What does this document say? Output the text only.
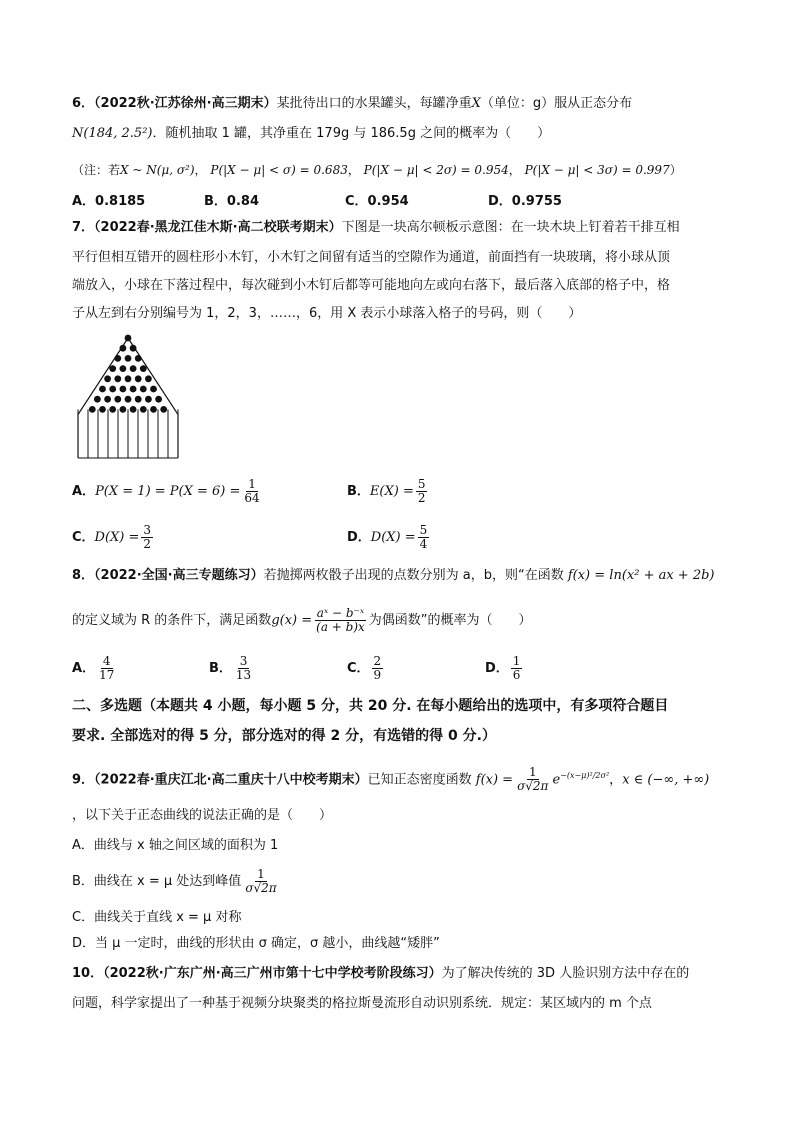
6．（2022秋·江苏徐州·高三期末）某批待出口的水果罐头，每罐净重X（单位：g）服从正态分布
N(184, 2.5²)．随机抽取 1 罐，其净重在 179g 与 186.5g 之间的概率为（　　）
（注：若X ~ N(μ, σ²)， P(|X − μ| < σ) = 0.683， P(|X − μ| < 2σ) = 0.954， P(|X − μ| < 3σ) = 0.997）
A．0.8185	B．0.84	C．0.954	D．0.9755
7．（2022春·黑龙江佳木斯·高二校联考期末）下图是一块高尔顿板示意图：在一块木块上钉着若干排互相
平行但相互错开的圆柱形小木钉，小木钉之间留有适当的空隙作为通道，前面挡有一块玻璃，将小球从顶
端放入，小球在下落过程中，每次碰到小木钉后都等可能地向左或向右落下，最后落入底部的格子中，格
子从左到右分别编号为 1，2，3，……，6，用 X 表示小球落入格子的号码，则（　　）
A．$P(X = 1) = P(X = 6) = \frac{1}{64}$	B．$E(X) = \frac{5}{2}$
C．$D(X) = \frac{3}{2}$	D．$D(X) = \frac{5}{4}$
8．（2022·全国·高三专题练习）若抛掷两枚骰子出现的点数分别为 a，b，则“在函数 f(x) = ln(x² + ax + 2b)
的定义域为 R 的条件下，满足函数$g(x) = \frac{\text{aˣ − b⁻ˣ}}{(a + b)x}$ 为偶函数”的概率为（　　）
A． $\frac{4}{17}$	B． $\frac{3}{13}$	C． $\frac{2}{9}$	D． $\frac{1}{6}$
二、多选题（本题共 4 小题，每小题 5 分，共 20 分. 在每小题给出的选项中，有多项符合题目
要求. 全部选对的得 5 分，部分选对的得 2 分，有选错的得 0 分.）
9．（2022春·重庆江北·高二重庆十八中校考期末）已知正态密度函数 $f(x) = \frac{1}{\sigma√2\pi} e^{-(x-\mu)^2/2\sigma^2}$，x ∈ (−∞, +∞)
，以下关于正态曲线的说法正确的是（　　）
A．曲线与 x 轴之间区域的面积为 1
B．曲线在 x = μ 处达到峰值 $\frac{1}{\sigma√2\pi}$
C．曲线关于直线 x = μ 对称
D．当 μ 一定时，曲线的形状由 σ 确定，σ 越小，曲线越“矮胖”
10．（2022秋·广东广州·高三广州市第十七中学校考阶段练习）为了解决传统的 3D 人脸识别方法中存在的
问题，科学家提出了一种基于视频分块聚类的格拉斯曼流形自动识别系统．规定：某区域内的 m 个点
